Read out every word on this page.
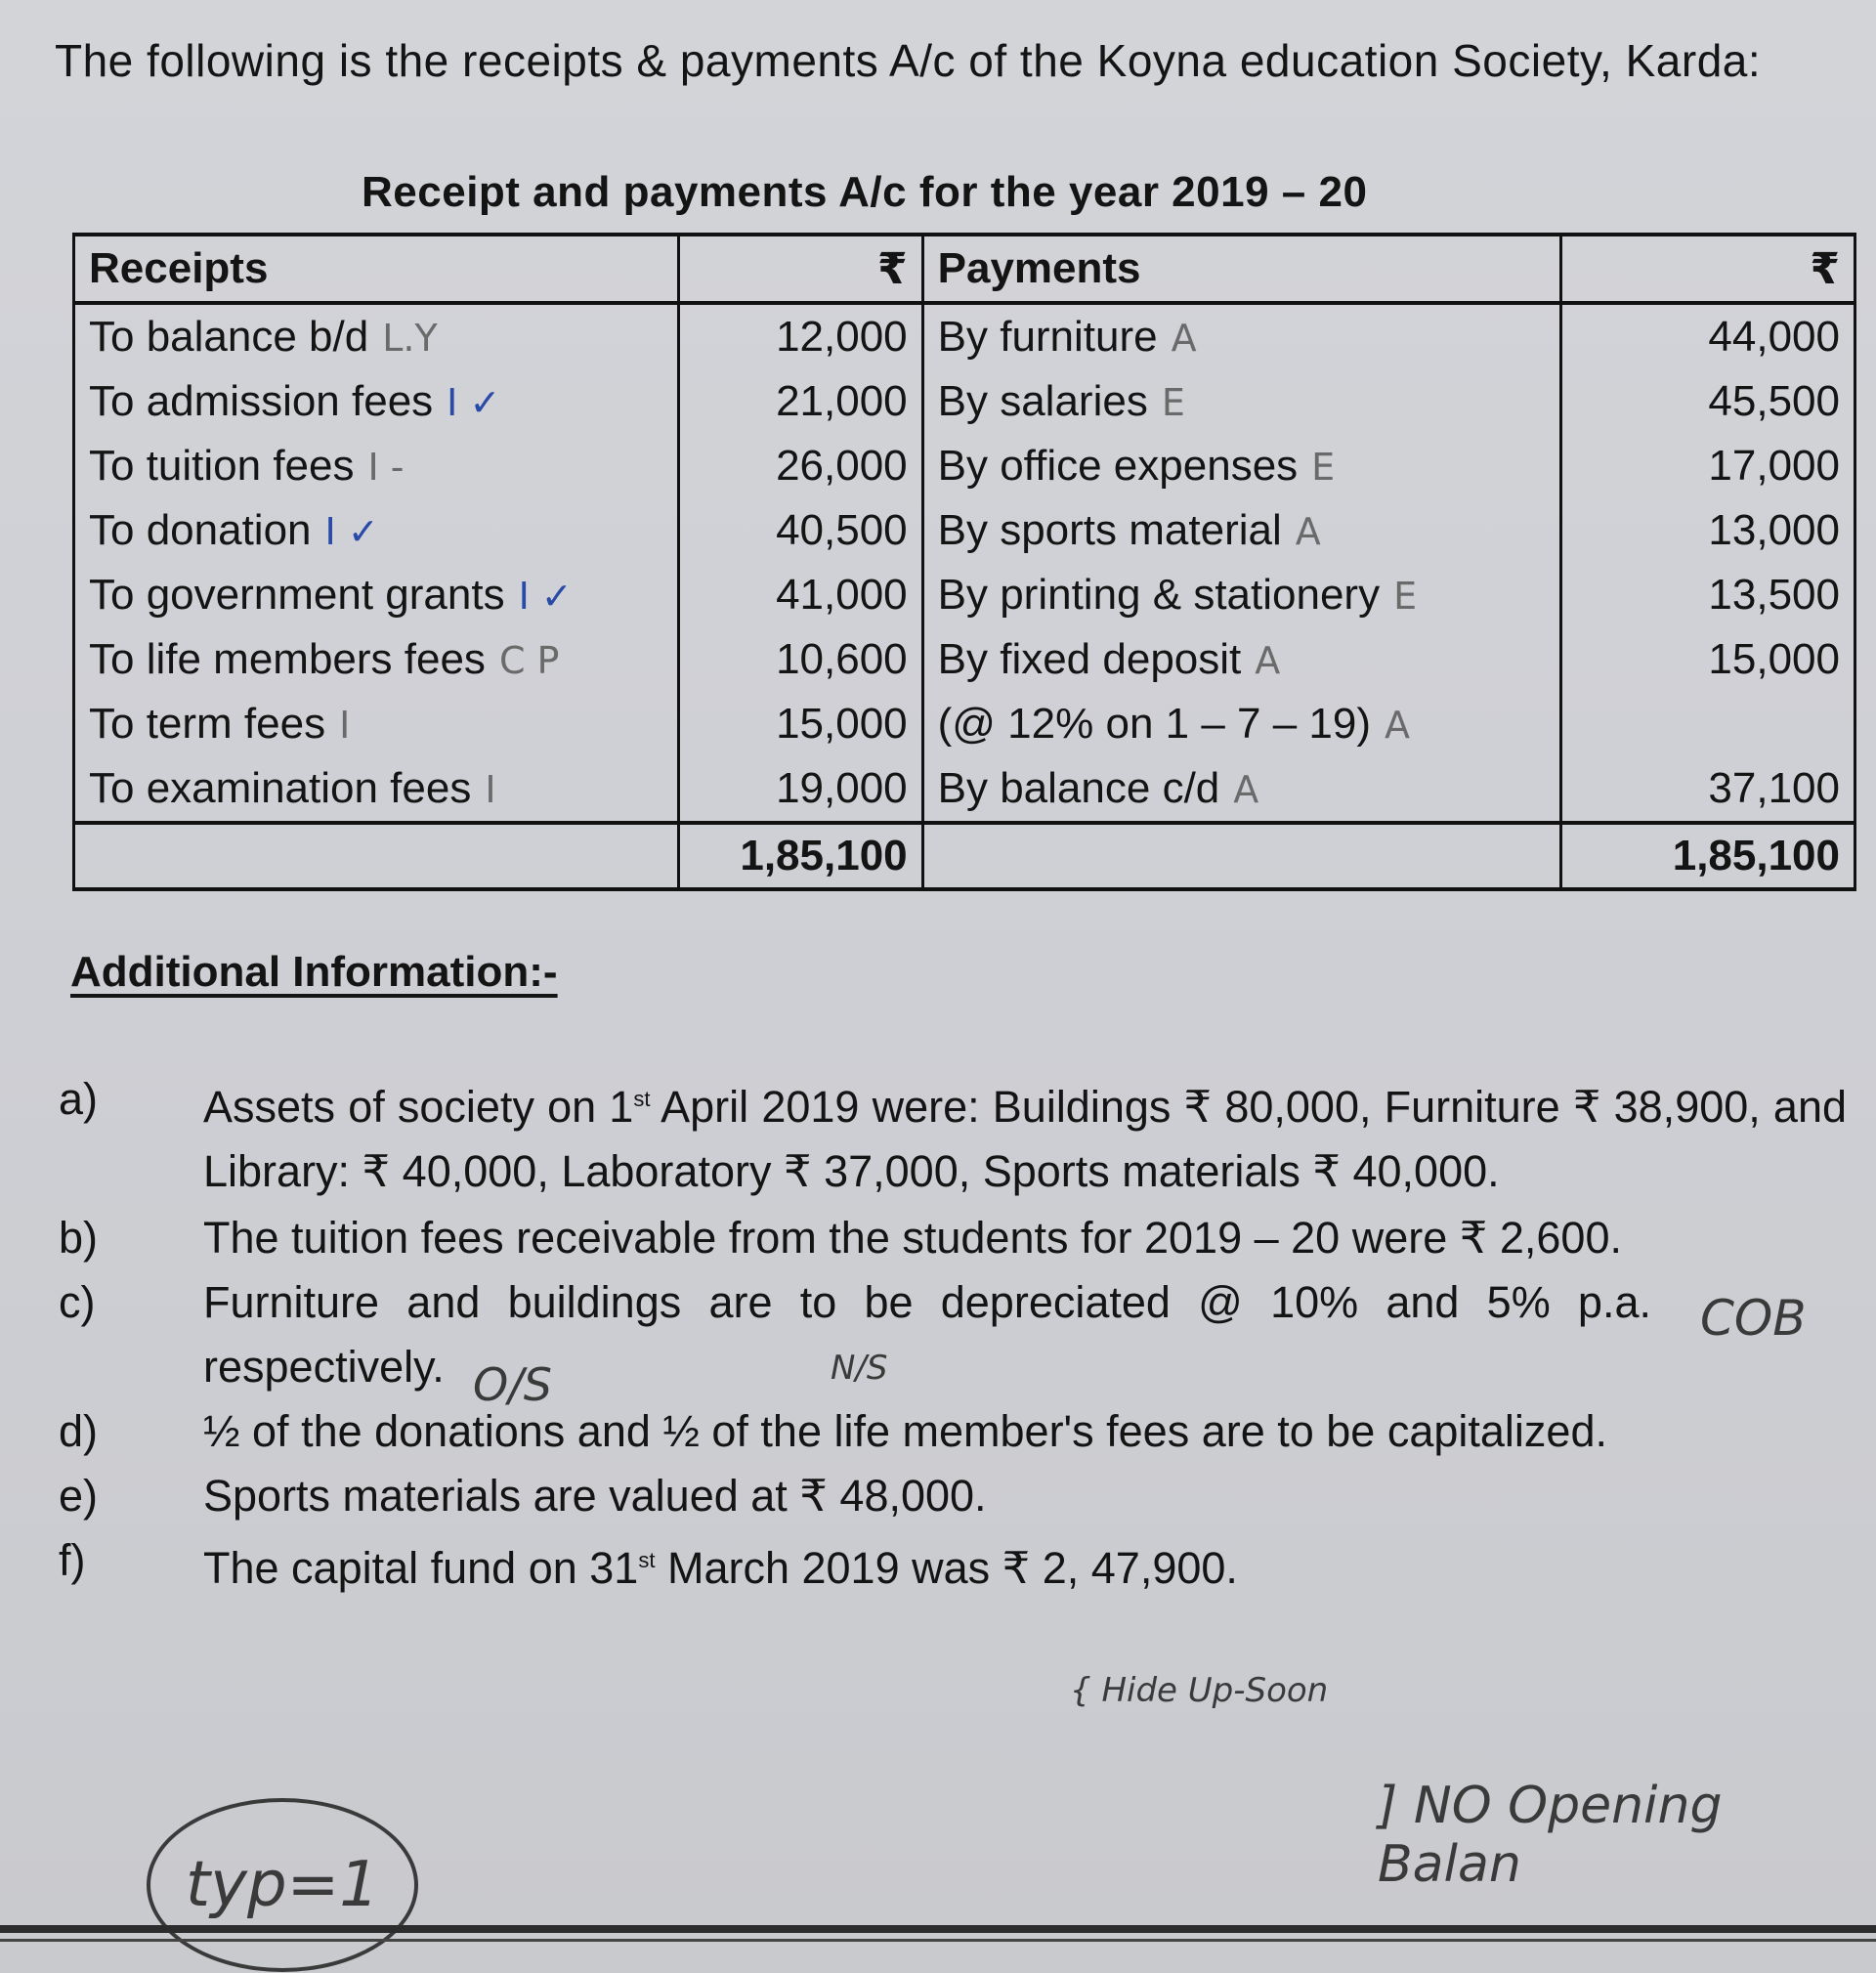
The following is the receipts & payments A/c of the Koyna education Society, Karda:
Receipt and payments A/c for the year 2019 – 20
Receipts	₹	Payments	₹
To balance b/d L.Y	12,000	By furniture A	44,000
To admission fees I ✓	21,000	By salaries E	45,500
To tuition fees I -	26,000	By office expenses E	17,000
To donation I ✓	40,500	By sports material A	13,000
To government grants I ✓	41,000	By printing & stationery E	13,500
To life members fees C P	10,600	By fixed deposit A	15,000
To term fees I	15,000	(@ 12% on 1 – 7 – 19) A	
To examination fees I	19,000	By balance c/d A	37,100
	1,85,100		1,85,100
Additional Information:-
a) Assets of society on 1st April 2019 were: Buildings ₹ 80,000, Furniture ₹ 38,900, and Library: ₹ 40,000, Laboratory ₹ 37,000, Sports materials ₹ 40,000.
b) The tuition fees receivable from the students for 2019 – 20 were ₹ 2,600.
c) Furniture and buildings are to be depreciated @ 10% and 5% p.a. respectively.
d) ½ of the donations and ½ of the life member's fees are to be capitalized.
e) Sports materials are valued at ₹ 48,000.
f)	The capital fund on 31st March 2019 was ₹ 2, 47,900.
COB
O/S	N/S
{ Hide Up-Soon
] NO Opening Balan
typ=1
